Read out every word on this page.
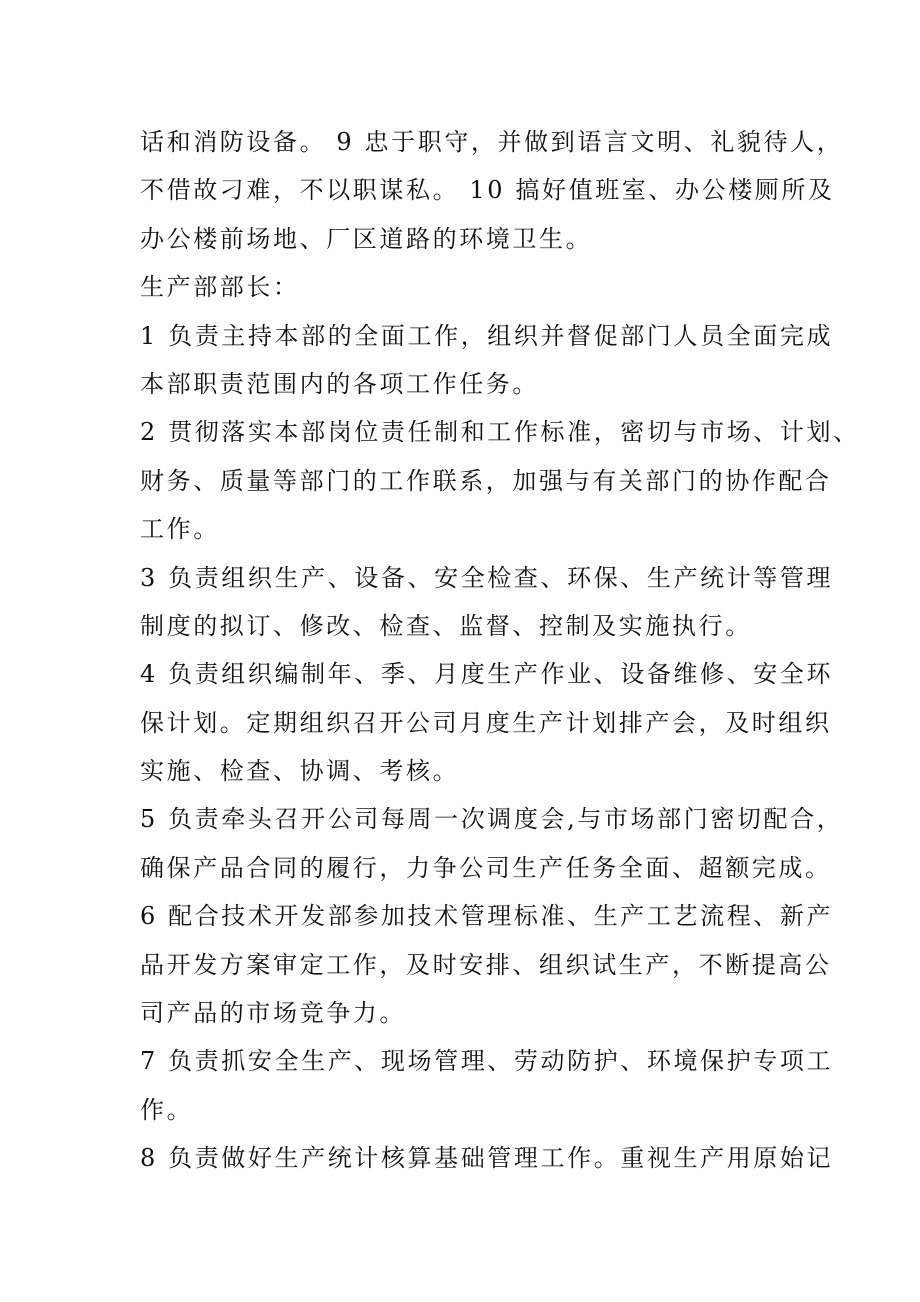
话和消防设备。 9 忠于职守，并做到语言文明、礼貌待人，
不借故刁难，不以职谋私。 10 搞好值班室、办公楼厕所及
办公楼前场地、厂区道路的环境卫生。
生产部部长：
1 负责主持本部的全面工作，组织并督促部门人员全面完成
本部职责范围内的各项工作任务。
2 贯彻落实本部岗位责任制和工作标准，密切与市场、计划、
财务、质量等部门的工作联系，加强与有关部门的协作配合
工作。
3 负责组织生产、设备、安全检查、环保、生产统计等管理
制度的拟订、修改、检查、监督、控制及实施执行。
4 负责组织编制年、季、月度生产作业、设备维修、安全环
保计划。定期组织召开公司月度生产计划排产会，及时组织
实施、检查、协调、考核。
5 负责牵头召开公司每周一次调度会,与市场部门密切配合，
确保产品合同的履行，力争公司生产任务全面、超额完成。
6 配合技术开发部参加技术管理标准、生产工艺流程、新产
品开发方案审定工作，及时安排、组织试生产，不断提高公
司产品的市场竞争力。
7 负责抓安全生产、现场管理、劳动防护、环境保护专项工
作。
8 负责做好生产统计核算基础管理工作。重视生产用原始记
